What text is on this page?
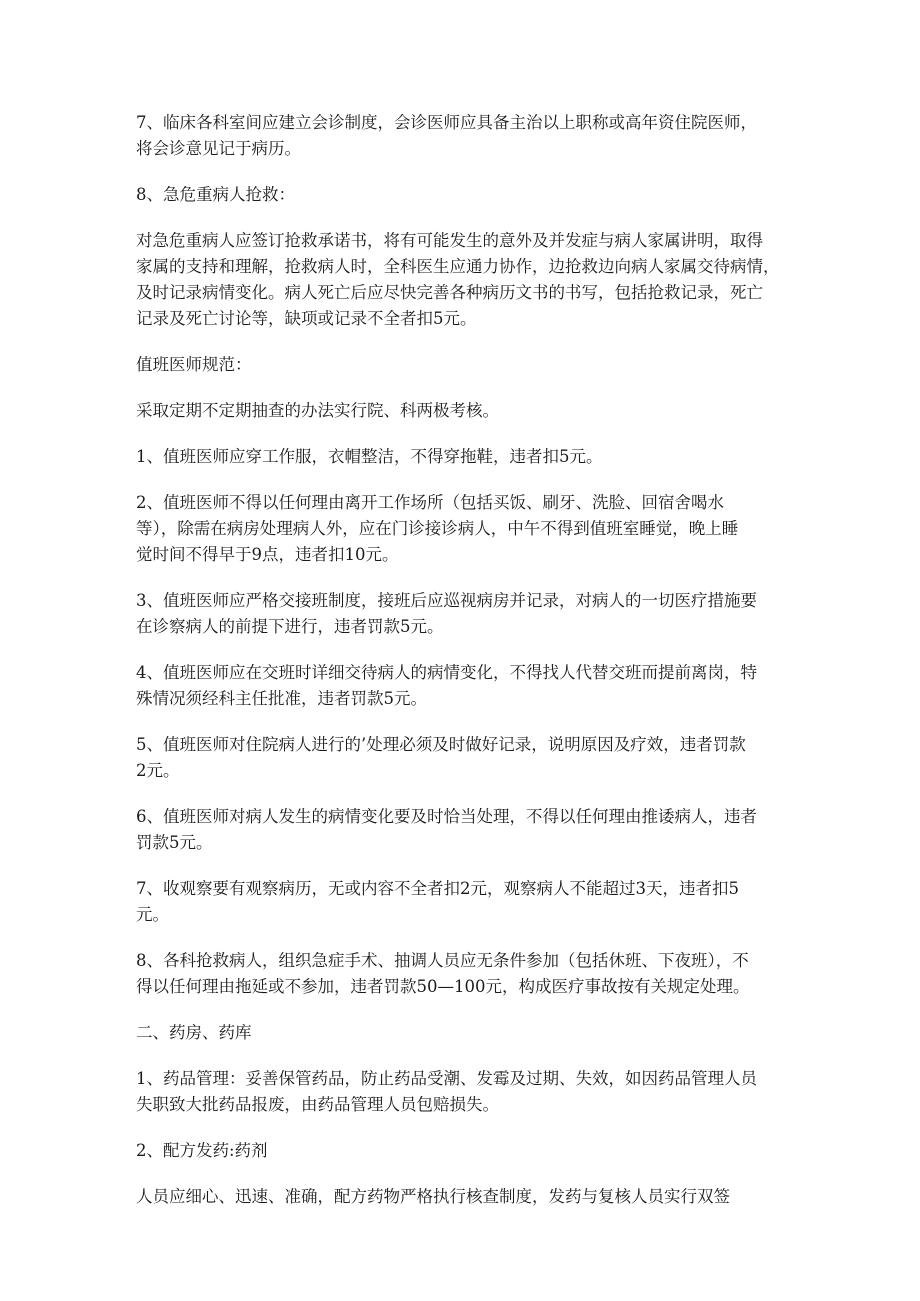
7、临床各科室间应建立会诊制度，会诊医师应具备主治以上职称或高年资住院医师，
将会诊意见记于病历。

8、急危重病人抢救：

对急危重病人应签订抢救承诺书，将有可能发生的意外及并发症与病人家属讲明，取得
家属的支持和理解，抢救病人时，全科医生应通力协作，边抢救边向病人家属交待病情，
及时记录病情变化。病人死亡后应尽快完善各种病历文书的书写，包括抢救记录，死亡
记录及死亡讨论等，缺项或记录不全者扣5元。

值班医师规范：

采取定期不定期抽查的办法实行院、科两极考核。

1、值班医师应穿工作服，衣帽整洁，不得穿拖鞋，违者扣5元。

2、值班医师不得以任何理由离开工作场所（包括买饭、刷牙、洗脸、回宿舍喝水
等），除需在病房处理病人外，应在门诊接诊病人，中午不得到值班室睡觉，晚上睡
觉时间不得早于9点，违者扣10元。

3、值班医师应严格交接班制度，接班后应巡视病房并记录，对病人的一切医疗措施要
在诊察病人的前提下进行，违者罚款5元。

4、值班医师应在交班时详细交待病人的病情变化，不得找人代替交班而提前离岗，特
殊情况须经科主任批准，违者罚款5元。

5、值班医师对住院病人进行的’处理必须及时做好记录，说明原因及疗效，违者罚款
2元。

6、值班医师对病人发生的病情变化要及时恰当处理，不得以任何理由推诿病人，违者
罚款5元。

7、收观察要有观察病历，无或内容不全者扣2元，观察病人不能超过3天，违者扣5
元。

8、各科抢救病人，组织急症手术、抽调人员应无条件参加（包括休班、下夜班），不
得以任何理由拖延或不参加，违者罚款50—100元，构成医疗事故按有关规定处理。

二、药房、药库

1、药品管理：妥善保管药品，防止药品受潮、发霉及过期、失效，如因药品管理人员
失职致大批药品报废，由药品管理人员包赔损失。

2、配方发药:药剂

人员应细心、迅速、准确，配方药物严格执行核查制度，发药与复核人员实行双签
